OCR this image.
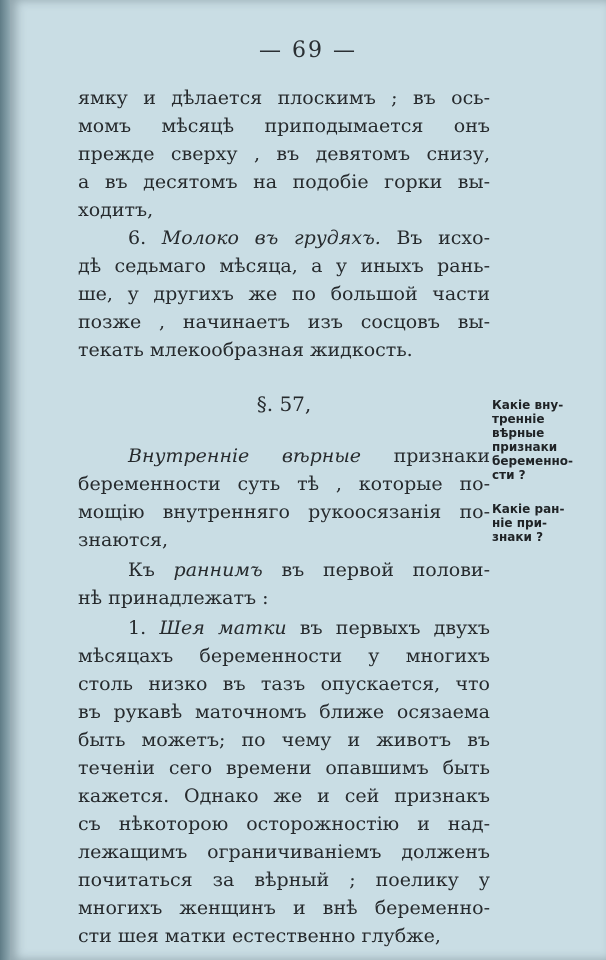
— 69 —
ямку и дѣлается плоскимъ ; въ ось-
момъ мѣсяцѣ приподымается онъ
прежде сверху , въ девятомъ снизу,
а въ десятомъ на подобіе горки вы-
ходитъ,
6. Молоко въ грудяхъ. Въ исхо-
дѣ седьмаго мѣсяца, а у иныхъ рань-
ше, у другихъ же по большой части
позже , начинаетъ изъ сосцовъ вы-
текать млекообразная жидкость.
§. 57,
Внутренніе вѣрные признаки
беременности суть тѣ , которые по-
мощію внутренняго рукоосязанія по-
знаются,
Къ раннимъ въ первой полови-
нѣ принадлежатъ :
1. Шея матки въ первыхъ двухъ
мѣсяцахъ беременности у многихъ
столь низко въ тазъ опускается, что
въ рукавѣ маточномъ ближе осязаема
быть можетъ; по чему и животъ въ
теченіи сего времени опавшимъ быть
кажется. Однако же и сей признакъ
съ нѣкоторою осторожностію и над-
лежащимъ ограничиваніемъ долженъ
почитаться за вѣрный ; поелику у
многихъ женщинъ и внѣ беременно-
сти шея матки естественно глубже,
Какіе вну-
тренніе
вѣрные
признаки
беременно-
сти ?
Какіе ран-
ніе при-
знаки ?
